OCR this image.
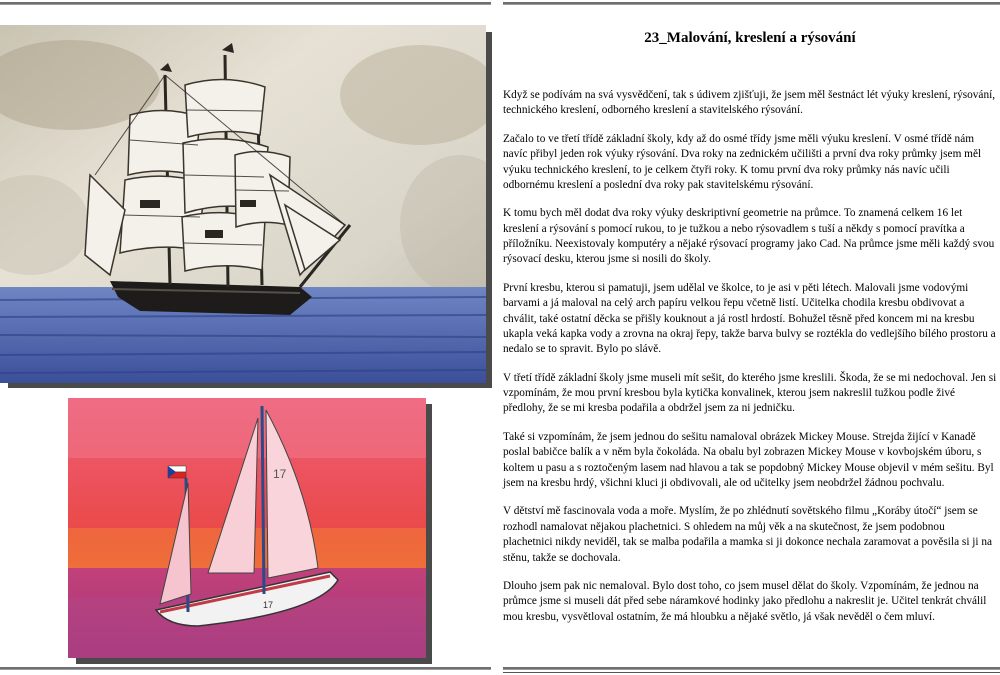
17
17
23_Malování, kreslení a rýsování

Když se podívám na svá vysvědčení, tak s údivem zjišťuji, že jsem měl šestnáct lét výuky kreslení, rýsování, technického kreslení, odborného kreslení a stavitelského rýsování.

Začalo to ve třetí třídě základní školy, kdy až do osmé třídy jsme měli výuku kreslení. V osmé třídě nám navíc přibyl jeden rok výuky rýsování. Dva roky na zednickém učilišti a první dva roky průmky jsem měl výuku technického kreslení, to je celkem čtyři roky. K tomu první dva roky průmky nás navíc učili odbornému kreslení a poslední dva roky pak stavitelskému rýsování.

K tomu bych měl dodat dva roky výuky deskriptivní geometrie na průmce. To znamená celkem 16 let kreslení a rýsování s pomocí rukou, to je tužkou a nebo rýsovadlem s tuší a někdy s pomocí pravítka a příložníku. Neexistovaly komputéry a nějaké rýsovací programy jako Cad. Na průmce jsme měli každý svou rýsovací desku, kterou jsme si nosili do školy.

První kresbu, kterou si pamatuji, jsem udělal ve školce, to je asi v pěti létech. Malovali jsme vodovými barvami a já maloval na celý arch papíru velkou řepu včetně listí. Učitelka chodila kresbu obdivovat a chválit, také ostatní děcka se přišly kouknout a já rostl hrdostí. Bohužel těsně před koncem mi na kresbu ukapla veká kapka vody a zrovna na okraj řepy, takže barva bulvy se roztékla do vedlejšího bílého prostoru a nedalo se to spravit. Bylo po slávě.

V třetí třídě základní školy jsme museli mít sešit, do kterého jsme kreslili. Škoda, že se mi nedochoval. Jen si vzpomínám, že mou první kresbou byla kytička konvalinek, kterou jsem nakreslil tužkou podle živé předlohy, že se mi kresba podařila a obdržel jsem za ni jedničku.

Také si vzpomínám, že jsem jednou do sešitu namaloval obrázek Mickey Mouse. Strejda žijící v Kanadě poslal babičce balík a v něm byla čokoláda. Na obalu byl zobrazen Mickey Mouse v kovbojském úboru, s koltem u pasu a s roztočeným lasem nad hlavou a tak se popdobný Mickey Mouse objevil v mém sešitu. Byl jsem na kresbu hrdý, všichni kluci ji obdivovali, ale od učitelky jsem neobdržel žádnou pochvalu.

V dětství mě fascinovala voda a moře. Myslím, že po zhlédnutí sovětského filmu „Koráby útočí“ jsem se rozhodl namalovat nějakou plachetnici. S ohledem na můj věk a na skutečnost, že jsem podobnou plachetnici nikdy neviděl, tak se malba podařila a mamka si ji dokonce nechala zaramovat a pověsila si ji na stěnu, takže se dochovala.

Dlouho jsem pak nic nemaloval. Bylo dost toho, co jsem musel dělat do školy. Vzpomínám, že jednou na průmce jsme si museli dát před sebe náramkové hodinky jako předlohu a nakreslit je. Učitel tenkrát chválil mou kresbu, vysvětloval ostatním, že má hloubku a nějaké světlo, já však nevěděl o čem mluví.
